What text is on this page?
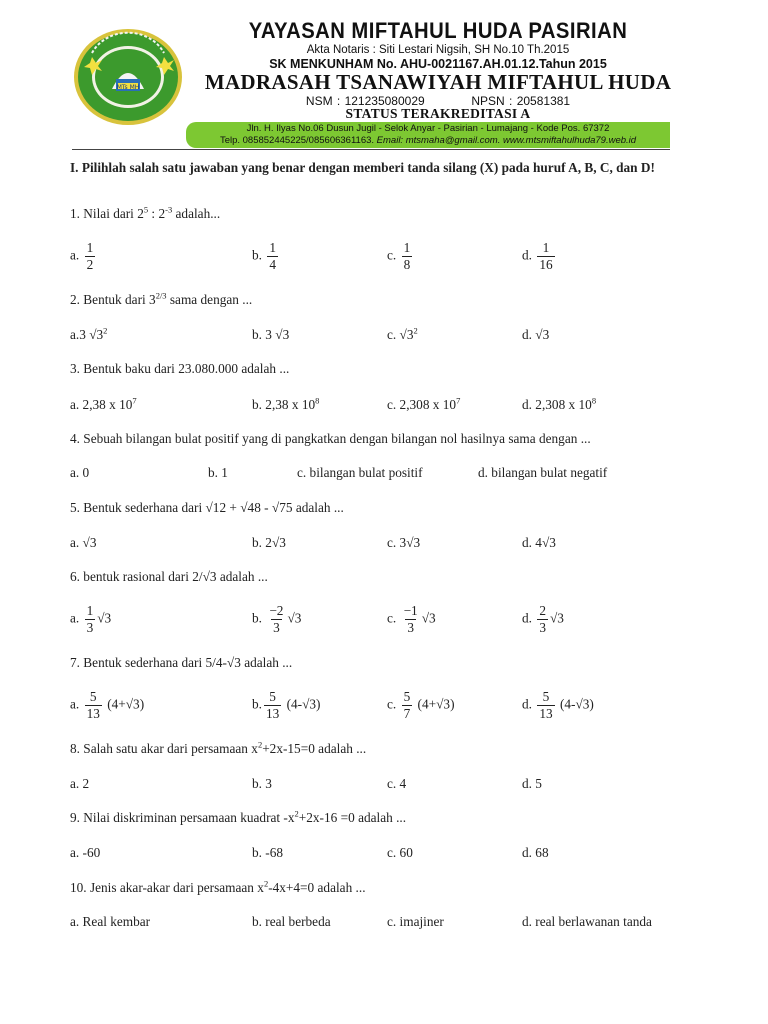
MTs MH
YAYASAN MIFTAHUL HUDA PASIRIAN
Akta Notaris : Siti Lestari Nigsih, SH No.10 Th.2015
SK MENKUNHAM No. AHU-0021167.AH.01.12.Tahun 2015
MADRASAH TSANAWIYAH MIFTAHUL HUDA
NSM : 121235080029	NPSN : 20581381
STATUS TERAKREDITASI A
Jln. H. Ilyas No.06 Dusun Jugil - Selok Anyar - Pasirian - Lumajang - Kode Pos. 67372
Telp. 085852445225/085606361163. Email: mtsmaha@gmail.com. www.mtsmiftahulhuda79.web.id
I. Pilihlah salah satu jawaban yang benar dengan memberi tanda silang (X) pada huruf A, B, C, dan D!
1. Nilai dari $2^5$ : $2^{-3}$ adalah...
a. $\frac{1}{2}$	b. $\frac{1}{4}$	c. $\frac{1}{8}$	d. $\frac{1}{16}$
2. Bentuk dari $3^{2/3}$ sama dengan ...
a.3 $√3^2$	b. 3 √3	c. $√3^2$	d. √3
3. Bentuk baku dari 23.080.000 adalah ...
a. 2,38 x $10^7$	b. 2,38 x $10^8$	c. 2,308 x $10^7$	d. 2,308 x $10^8$
4. Sebuah bilangan bulat positif yang di pangkatkan dengan bilangan nol hasilnya sama dengan ...
a. 0	b. 1	c. bilangan bulat positif	d. bilangan bulat negatif
5. Bentuk sederhana dari √12 + √48 - √75 adalah ...
a. √3	b. 2√3	c. 3√3	d. 4√3
6. bentuk rasional dari 2/√3 adalah ...
a. $\frac{1}{3} √3$	b. $\frac{-2}{3} √3$	c. $\frac{-1}{3} √3$	d. $\frac{2}{3} √3$
7. Bentuk sederhana dari 5/4-√3 adalah ...
a. $\frac{5}{13} (4+√3)$	b. $\frac{5}{13} (4-√3)$	c. $\frac{5}{7} (4+√3)$	d. $\frac{5}{13} (4-√3)$
8. Salah satu akar dari persamaan $x^2+2x-15=0$ adalah ...
a. 2	b. 3	c. 4	d. 5
9. Nilai diskriminan persamaan kuadrat $-x^2+2x-16 =0$ adalah ...
a. -60	b. -68	c. 60	d. 68
10. Jenis akar-akar dari persamaan $x^2-4x+4=0$ adalah ...
a. Real kembar	b. real berbeda	c. imajiner	d. real berlawanan tanda
